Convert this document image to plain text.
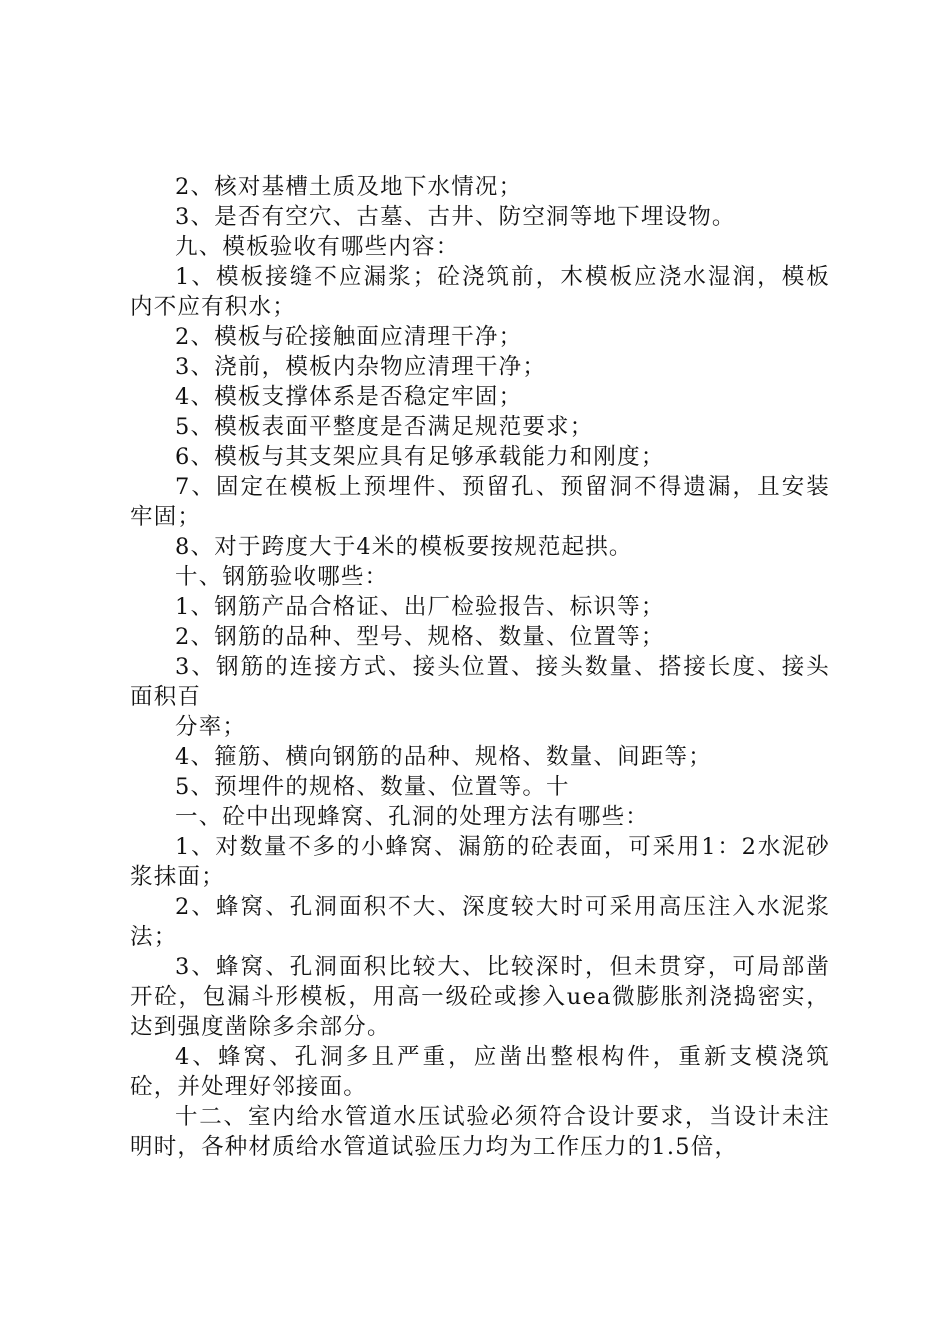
2、核对基槽土质及地下水情况；

3、是否有空穴、古墓、古井、防空洞等地下埋设物。

九、模板验收有哪些内容：

1、模板接缝不应漏浆；砼浇筑前，木模板应浇水湿润，模板内不应有积水；

2、模板与砼接触面应清理干净；

3、浇前，模板内杂物应清理干净；

4、模板支撑体系是否稳定牢固；

5、模板表面平整度是否满足规范要求；

6、模板与其支架应具有足够承载能力和刚度；

7、固定在模板上预埋件、预留孔、预留洞不得遗漏，且安装牢固；

8、对于跨度大于4米的模板要按规范起拱。

十、钢筋验收哪些：

1、钢筋产品合格证、出厂检验报告、标识等；

2、钢筋的品种、型号、规格、数量、位置等；

3、钢筋的连接方式、接头位置、接头数量、搭接长度、接头面积百

分率；

4、箍筋、横向钢筋的品种、规格、数量、间距等；

5、预埋件的规格、数量、位置等。十

一、砼中出现蜂窝、孔洞的处理方法有哪些：

1、对数量不多的小蜂窝、漏筋的砼表面，可采用1：2水泥砂浆抹面；

2、蜂窝、孔洞面积不大、深度较大时可采用高压注入水泥浆法；

3、蜂窝、孔洞面积比较大、比较深时，但未贯穿，可局部凿开砼，包漏斗形模板，用高一级砼或掺入uea微膨胀剂浇捣密实，达到强度凿除多余部分。

4、蜂窝、孔洞多且严重，应凿出整根构件，重新支模浇筑砼，并处理好邻接面。

十二、室内给水管道水压试验必须符合设计要求，当设计未注明时，各种材质给水管道试验压力均为工作压力的1.5倍，
